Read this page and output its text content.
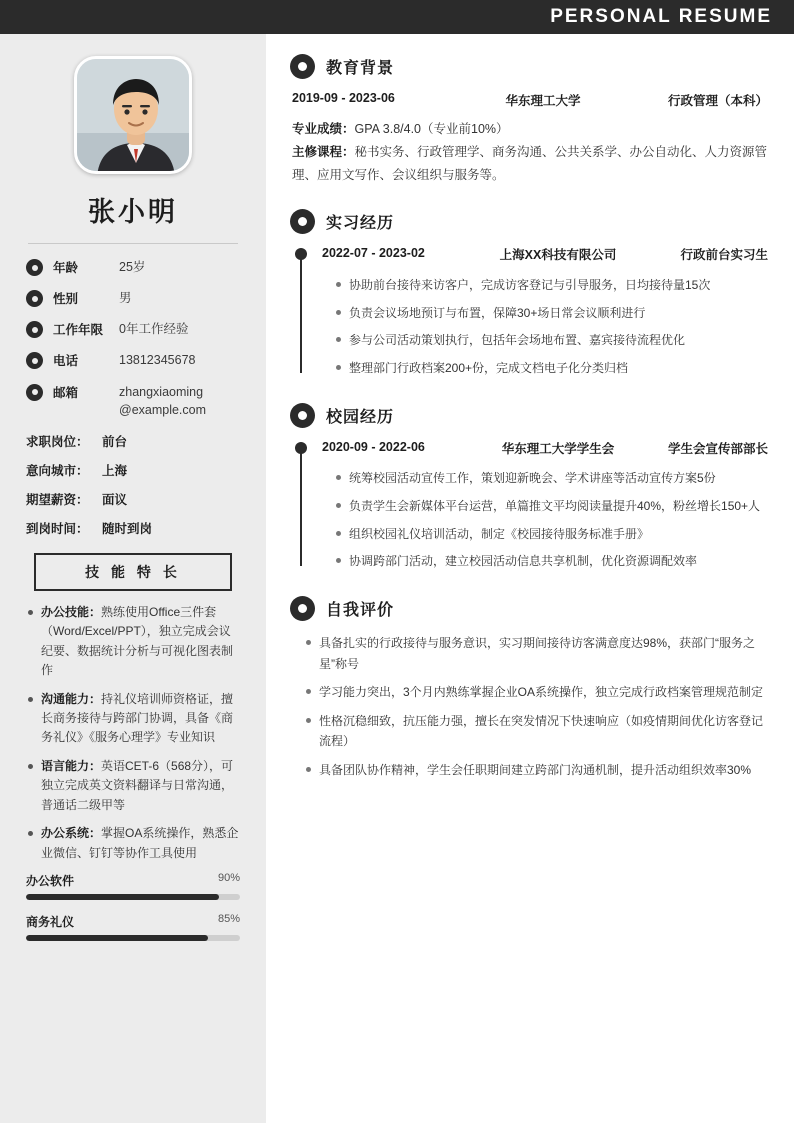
PERSONAL RESUME
张小明
年龄	25岁
性别	男
工作年限	0年工作经验
电话	13812345678
邮箱	zhangxiaoming@example.com
求职岗位：	前台
意向城市：	上海
期望薪资：	面议
到岗时间：	随时到岗
技 能 特 长
办公技能：熟练使用Office三件套（Word/Excel/PPT），独立完成会议纪要、数据统计分析与可视化图表制作
沟通能力：持礼仪培训师资格证，擅长商务接待与跨部门协调，具备《商务礼仪》《服务心理学》专业知识
语言能力：英语CET-6（568分），可独立完成英文资料翻译与日常沟通，普通话二级甲等
办公系统：掌握OA系统操作，熟悉企业微信、钉钉等协作工具使用
办公软件	90%
商务礼仪	85%
教育背景
2019-09 - 2023-06	华东理工大学	行政管理（本科）
专业成绩：GPA 3.8/4.0（专业前10%）
主修课程：秘书实务、行政管理学、商务沟通、公共关系学、办公自动化、人力资源管理、应用文写作、会议组织与服务等。
实习经历
2022-07 - 2023-02	上海XX科技有限公司	行政前台实习生
协助前台接待来访客户，完成访客登记与引导服务，日均接待量15次
负责会议场地预订与布置，保障30+场日常会议顺利进行
参与公司活动策划执行，包括年会场地布置、嘉宾接待流程优化
整理部门行政档案200+份，完成文档电子化分类归档
校园经历
2020-09 - 2022-06	华东理工大学学生会	学生会宣传部部长
统筹校园活动宣传工作，策划迎新晚会、学术讲座等活动宣传方案5份
负责学生会新媒体平台运营，单篇推文平均阅读量提升40%，粉丝增长150+人
组织校园礼仪培训活动，制定《校园接待服务标准手册》
协调跨部门活动，建立校园活动信息共享机制，优化资源调配效率
自我评价
具备扎实的行政接待与服务意识，实习期间接待访客满意度达98%，获部门“服务之星”称号
学习能力突出，3个月内熟练掌握企业OA系统操作，独立完成行政档案管理规范制定
性格沉稳细致，抗压能力强，擅长在突发情况下快速响应（如疫情期间优化访客登记流程）
具备团队协作精神，学生会任职期间建立跨部门沟通机制，提升活动组织效率30%
